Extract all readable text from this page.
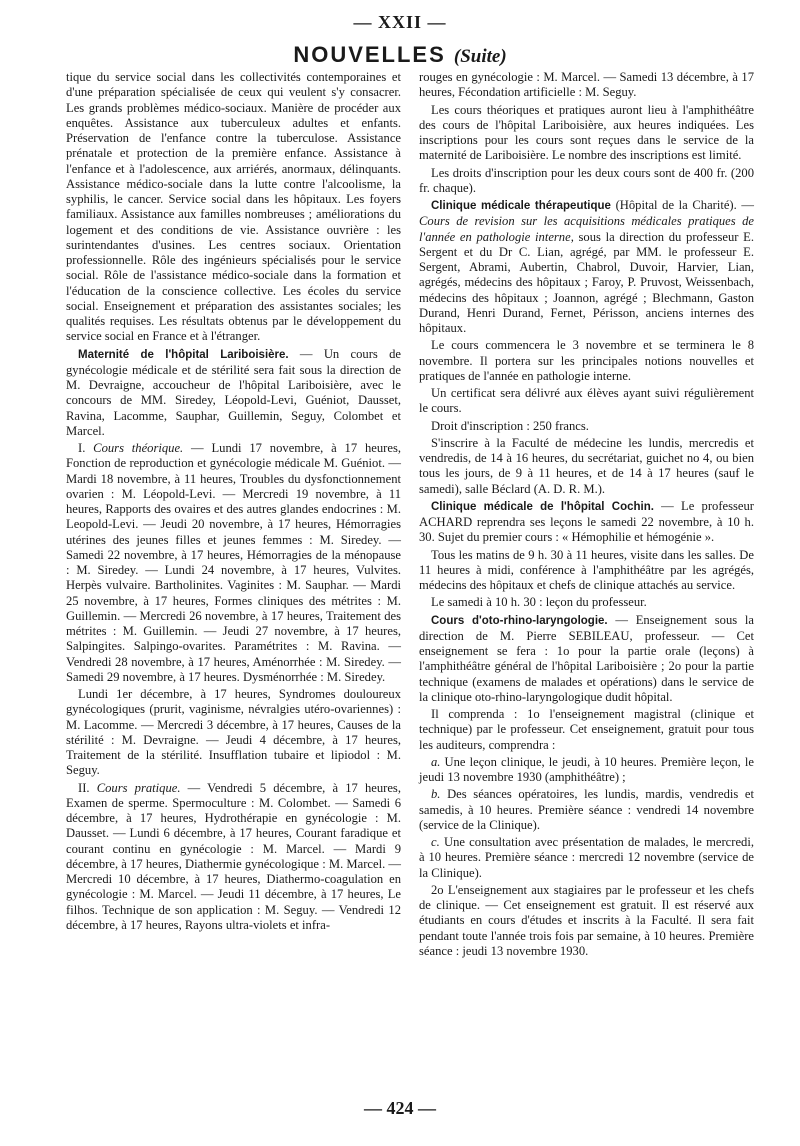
— XXII —
NOUVELLES (Suite)

tique du service social dans les collectivités contemporaines et d'une préparation spécialisée de ceux qui veulent s'y consacrer. Les grands problèmes médico-sociaux. Manière de procéder aux enquêtes. Assistance aux tuberculeux adultes et enfants. Préservation de l'enfance contre la tuberculose. Assistance prénatale et protection de la première enfance. Assistance à l'enfance et à l'adolescence, aux arriérés, anormaux, délinquants. Assistance médico-sociale dans la lutte contre l'alcoolisme, la syphilis, le cancer. Service social dans les hôpitaux. Les foyers familiaux. Assistance aux familles nombreuses ; améliorations du logement et des conditions de vie. Assistance ouvrière : les surintendantes d'usines. Les centres sociaux. Orientation professionnelle. Rôle des ingénieurs spécialisés pour le service social. Rôle de l'assistance médico-sociale dans la formation et l'éducation de la conscience collective. Les écoles du service social. Enseignement et préparation des assistantes sociales; les qualités requises. Les résultats obtenus par le développement du service social en France et à l'étranger.

Maternité de l'hôpital Lariboisière. — Un cours de gynécologie médicale et de stérilité sera fait sous la direction de M. Devraigne, accoucheur de l'hôpital Lariboisière, avec le concours de MM. Siredey, Léopold-Levi, Guéniot, Dausset, Ravina, Lacomme, Sauphar, Guillemin, Seguy, Colombet et Marcel.

I. Cours théorique. — Lundi 17 novembre, à 17 heures, Fonction de reproduction et gynécologie médicale M. Guéniot. — Mardi 18 novembre, à 11 heures, Troubles du dysfonctionnement ovarien : M. Léopold-Levi. — Mercredi 19 novembre, à 11 heures, Rapports des ovaires et des autres glandes endocrines : M. Leopold-Levi. — Jeudi 20 novembre, à 17 heures, Hémorragies utérines des jeunes filles et jeunes femmes : M. Siredey. — Samedi 22 novembre, à 17 heures, Hémorragies de la ménopause : M. Siredey. — Lundi 24 novembre, à 17 heures, Vulvites. Herpès vulvaire. Bartholinites. Vaginites : M. Sauphar. — Mardi 25 novembre, à 17 heures, Formes cliniques des métrites : M. Guillemin. — Mercredi 26 novembre, à 17 heures, Traitement des métrites : M. Guillemin. — Jeudi 27 novembre, à 17 heures, Salpingites. Salpingo-ovarites. Paramétrites : M. Ravina. — Vendredi 28 novembre, à 17 heures, Aménorrhée : M. Siredey. — Samedi 29 novembre, à 17 heures. Dysménorrhée : M. Siredey.

Lundi 1er décembre, à 17 heures, Syndromes douloureux gynécologiques (prurit, vaginisme, névralgies utéro-ovariennes) : M. Lacomme. — Mercredi 3 décembre, à 17 heures, Causes de la stérilité : M. Devraigne. — Jeudi 4 décembre, à 17 heures, Traitement de la stérilité. Insufflation tubaire et lipiodol : M. Seguy.

II. Cours pratique. — Vendredi 5 décembre, à 17 heures, Examen de sperme. Spermoculture : M. Colombet. — Samedi 6 décembre, à 17 heures, Hydrothérapie en gynécologie : M. Dausset. — Lundi 6 décembre, à 17 heures, Courant faradique et courant continu en gynécologie : M. Marcel. — Mardi 9 décembre, à 17 heures, Diathermie gynécologique : M. Marcel. — Mercredi 10 décembre, à 17 heures, Diathermo-coagulation en gynécologie : M. Marcel. — Jeudi 11 décembre, à 17 heures, Le filhos. Technique de son application : M. Seguy. — Vendredi 12 décembre, à 17 heures, Rayons ultra-violets et infra-

rouges en gynécologie : M. Marcel. — Samedi 13 décembre, à 17 heures, Fécondation artificielle : M. Seguy.

Les cours théoriques et pratiques auront lieu à l'amphithéâtre des cours de l'hôpital Lariboisière, aux heures indiquées. Les inscriptions pour les cours sont reçues dans le service de la maternité de Lariboisière. Le nombre des inscriptions est limité.

Les droits d'inscription pour les deux cours sont de 400 fr. (200 fr. chaque).

Clinique médicale thérapeutique (Hôpital de la Charité). — Cours de revision sur les acquisitions médicales pratiques de l'année en pathologie interne, sous la direction du professeur E. Sergent et du Dr C. Lian, agrégé, par MM. le professeur E. Sergent, Abrami, Aubertin, Chabrol, Duvoir, Harvier, Lian, agrégés, médecins des hôpitaux ; Faroy, P. Pruvost, Weissenbach, médecins des hôpitaux ; Joannon, agrégé ; Blechmann, Gaston Durand, Henri Durand, Fernet, Périsson, anciens internes des hôpitaux.

Le cours commencera le 3 novembre et se terminera le 8 novembre. Il portera sur les principales notions nouvelles et pratiques de l'année en pathologie interne.

Un certificat sera délivré aux élèves ayant suivi régulièrement le cours.

Droit d'inscription : 250 francs.

S'inscrire à la Faculté de médecine les lundis, mercredis et vendredis, de 14 à 16 heures, du secrétariat, guichet no 4, ou bien tous les jours, de 9 à 11 heures, et de 14 à 17 heures (sauf le samedi), salle Béclard (A. D. R. M.).

Clinique médicale de l'hôpital Cochin. — Le professeur ACHARD reprendra ses leçons le samedi 22 novembre, à 10 h. 30. Sujet du premier cours : « Hémophilie et hémogénie ».

Tous les matins de 9 h. 30 à 11 heures, visite dans les salles. De 11 heures à midi, conférence à l'amphithéâtre par les agrégés, médecins des hôpitaux et chefs de clinique attachés au service.

Le samedi à 10 h. 30 : leçon du professeur.

Cours d'oto-rhino-laryngologie. — Enseignement sous la direction de M. Pierre SEBILEAU, professeur. — Cet enseignement se fera : 1o pour la partie orale (leçons) à l'amphithéâtre général de l'hôpital Lariboisière ; 2o pour la partie technique (examens de malades et opérations) dans le service de la clinique oto-rhino-laryngologique dudit hôpital.

Il comprenda : 1o l'enseignement magistral (clinique et technique) par le professeur. Cet enseignement, gratuit pour tous les auditeurs, comprendra :

a. Une leçon clinique, le jeudi, à 10 heures. Première leçon, le jeudi 13 novembre 1930 (amphithéâtre) ;

b. Des séances opératoires, les lundis, mardis, vendredis et samedis, à 10 heures. Première séance : vendredi 14 novembre (service de la Clinique).

c. Une consultation avec présentation de malades, le mercredi, à 10 heures. Première séance : mercredi 12 novembre (service de la Clinique).

2o L'enseignement aux stagiaires par le professeur et les chefs de clinique. — Cet enseignement est gratuit. Il est réservé aux étudiants en cours d'études et inscrits à la Faculté. Il sera fait pendant toute l'année trois fois par semaine, à 10 heures. Première séance : jeudi 13 novembre 1930.

— 424 —
